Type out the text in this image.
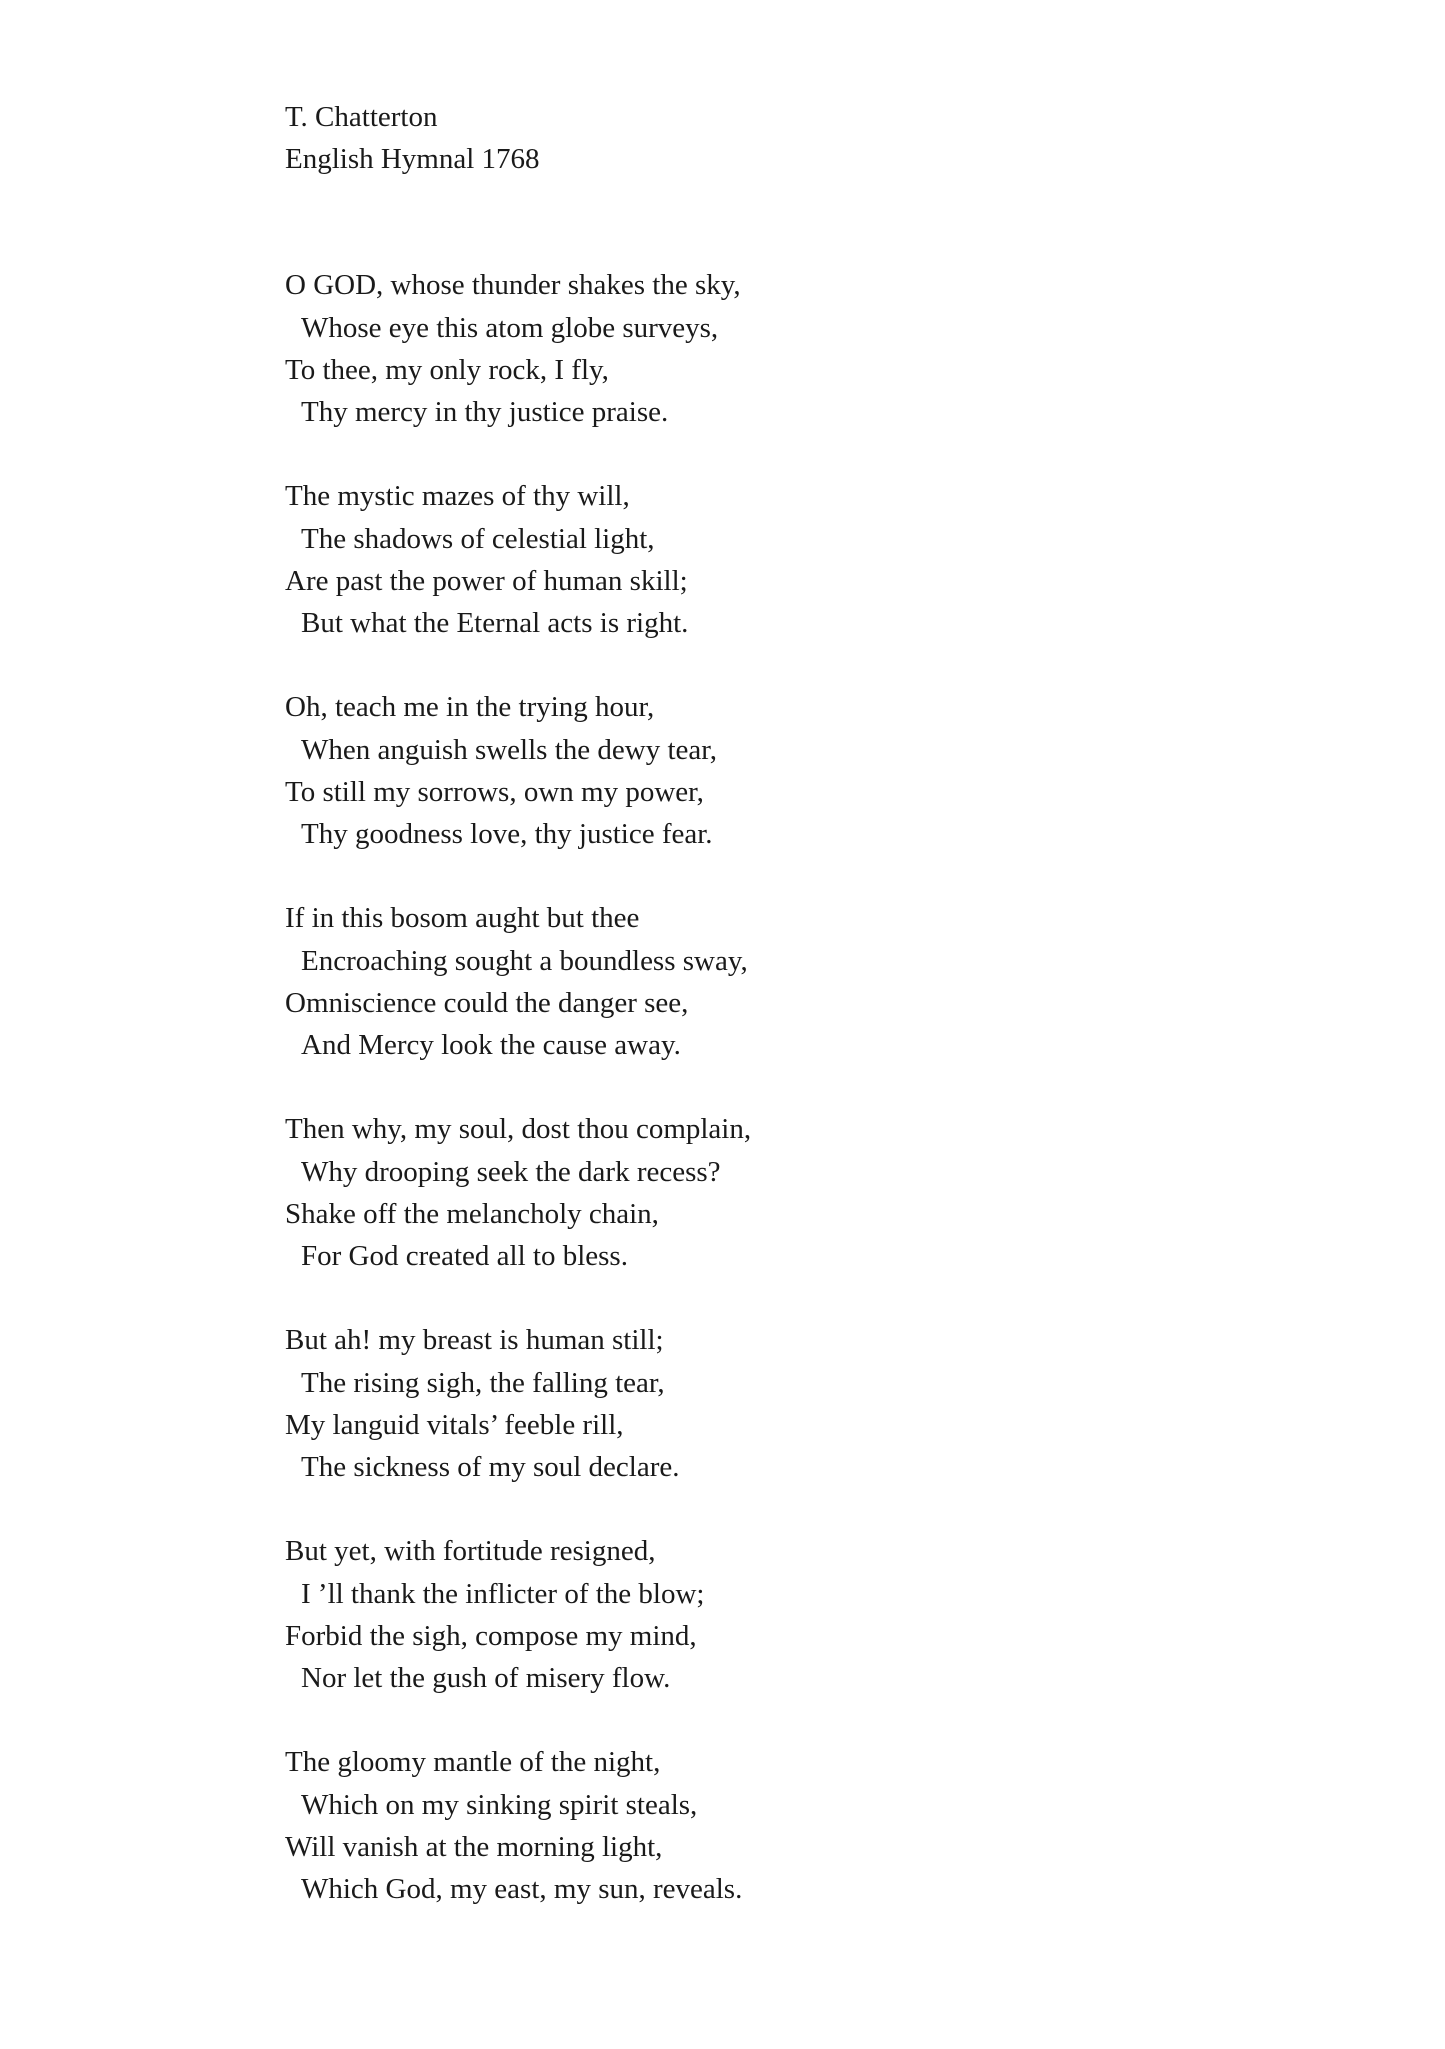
T. Chatterton
English Hymnal 1768
O GOD, whose thunder shakes the sky,
Whose eye this atom globe surveys,
To thee, my only rock, I fly,
Thy mercy in thy justice praise.
The mystic mazes of thy will,
The shadows of celestial light,
Are past the power of human skill;
But what the Eternal acts is right.
Oh, teach me in the trying hour,
When anguish swells the dewy tear,
To still my sorrows, own my power,
Thy goodness love, thy justice fear.
If in this bosom aught but thee
Encroaching sought a boundless sway,
Omniscience could the danger see,
And Mercy look the cause away.
Then why, my soul, dost thou complain,
Why drooping seek the dark recess?
Shake off the melancholy chain,
For God created all to bless.
But ah! my breast is human still;
The rising sigh, the falling tear,
My languid vitals’ feeble rill,
The sickness of my soul declare.
But yet, with fortitude resigned,
I ’ll thank the inflicter of the blow;
Forbid the sigh, compose my mind,
Nor let the gush of misery flow.
The gloomy mantle of the night,
Which on my sinking spirit steals,
Will vanish at the morning light,
Which God, my east, my sun, reveals.
